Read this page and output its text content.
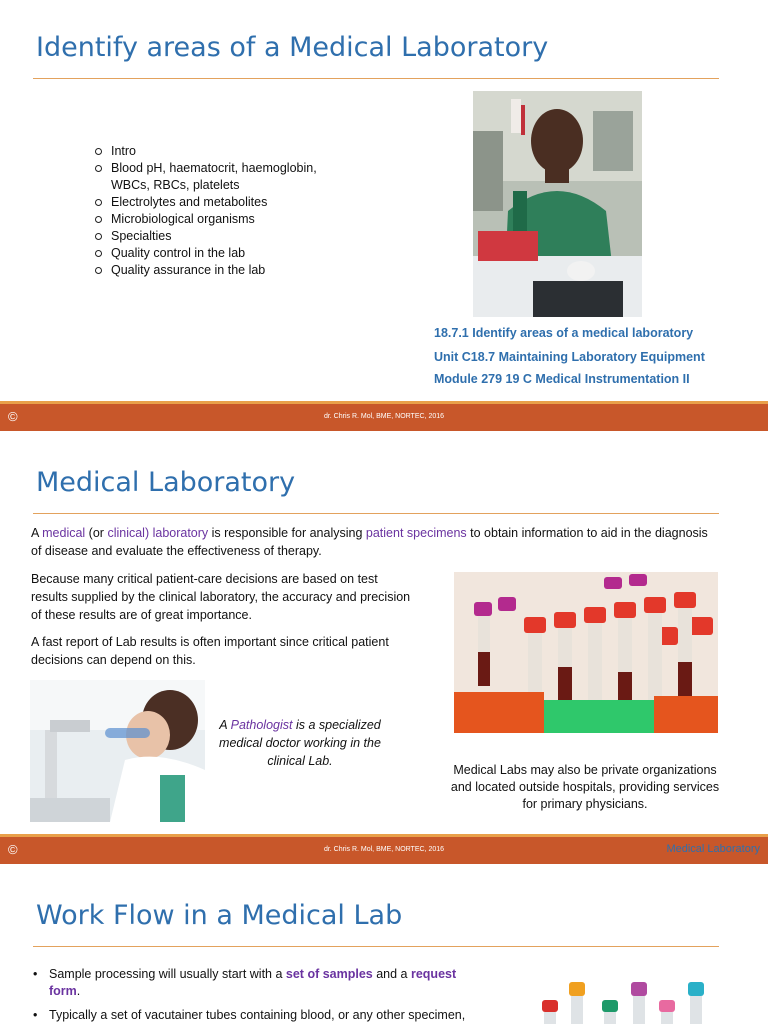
Identify areas of a Medical Laboratory
Intro
Blood pH, haematocrit, haemoglobin, WBCs, RBCs, platelets
Electrolytes and metabolites
Microbiological organisms
Specialties
Quality control in the lab
Quality assurance in the lab
18.7.1 Identify areas of a medical laboratory
Unit C18.7 Maintaining Laboratory Equipment
Module 279 19 C Medical Instrumentation II
©	dr. Chris R. Mol, BME, NORTEC, 2016
Medical Laboratory

A medical (or clinical) laboratory is responsible for analysing patient specimens to obtain information to aid in the diagnosis of disease and evaluate the effectiveness of therapy.

Because many critical patient-care decisions are based on test results supplied by the clinical laboratory, the accuracy and precision of these results are of great importance.

A fast report of Lab results is often important since critical patient decisions can depend on this.

A Pathologist is a specialized medical doctor working in the clinical Lab.

Medical Labs may also be private organizations and located outside hospitals, providing services for primary physicians.

©	dr. Chris R. Mol, BME, NORTEC, 2016	Medical Laboratory
Work Flow in a Medical Lab
• Sample processing will usually start with a set of samples and a request form.
• Typically a set of vacutainer tubes containing blood, or any other specimen,
